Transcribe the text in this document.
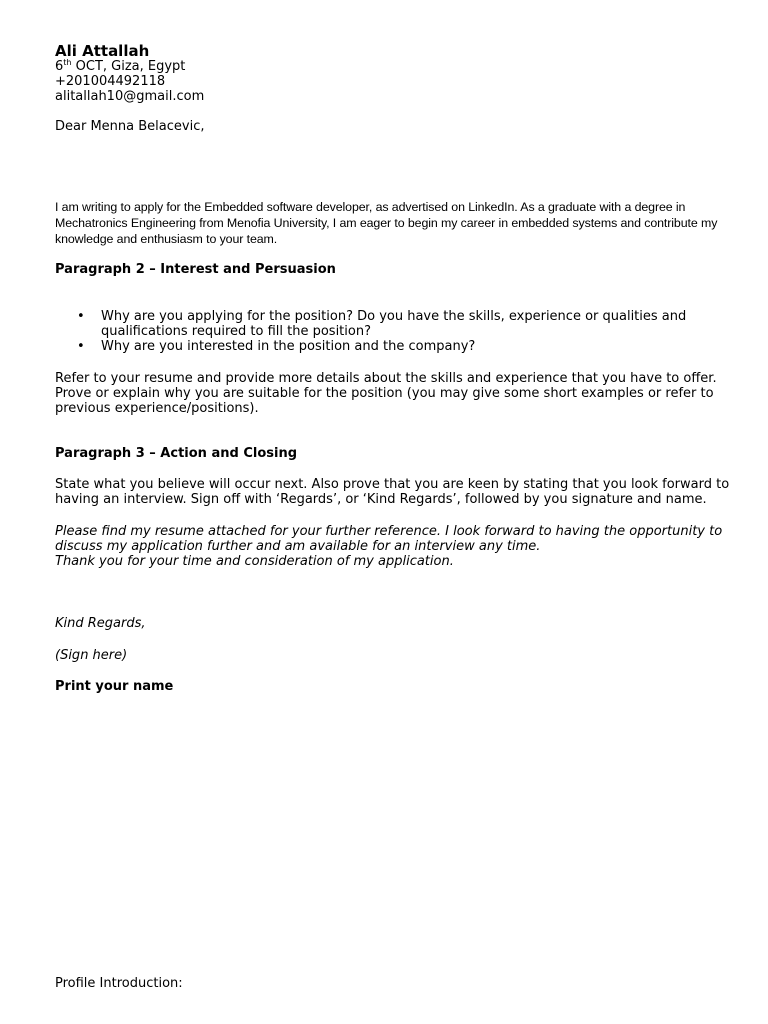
Ali Attallah
6th OCT, Giza, Egypt
+201004492118
alitallah10@gmail.com
Dear Menna Belacevic,

I am writing to apply for the Embedded software developer, as advertised on LinkedIn. As a graduate with a degree in Mechatronics Engineering from Menofia University, I am eager to begin my career in embedded systems and contribute my knowledge and enthusiasm to your team.

Paragraph 2 – Interest and Persuasion
• Why are you applying for the position? Do you have the skills, experience or qualities and qualifications required to fill the position?
• Why are you interested in the position and the company?

Refer to your resume and provide more details about the skills and experience that you have to offer. Prove or explain why you are suitable for the position (you may give some short examples or refer to previous experience/positions).

Paragraph 3 – Action and Closing

State what you believe will occur next. Also prove that you are keen by stating that you look forward to having an interview. Sign off with ‘Regards’, or ‘Kind Regards’, followed by you signature and name.

Please find my resume attached for your further reference. I look forward to having the opportunity to discuss my application further and am available for an interview any time.
Thank you for your time and consideration of my application.
Kind Regards,
(Sign here)
Print your name
Profile Introduction:
